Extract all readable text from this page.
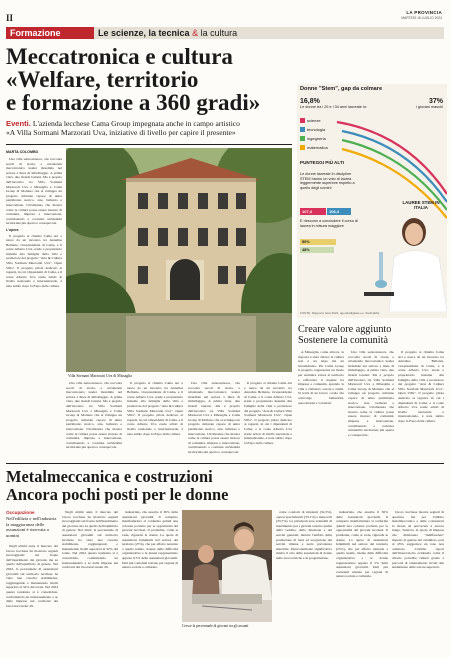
II
LA PROVINCIA
MARTEDÌ 16 LUGLIO 2024
Formazione	Le scienze, la tecnica & la cultura
Meccatronica e cultura
«Welfare, territorio
e formazione a 360 gradi»
Eventi. L'azienda lecchese Cama Group impegnata anche in campo artistico
«A Villa Sormani Marzorati Uva, iniziative di livello per capire il presente»
MARTA COLOMBO

Una villa settecentesca, che racconta secoli di storia, e un'azienda meccatronica leader mondiale nel settore a linee di imballaggio. A prima vista, due mondi lontani. Ma è proprio dall'incontro tra Villa Sormani Marzorati Uva a Missaglia e Cama Group di Molteno che si sviluppa un progetto culturale capace di unire patrimonio storico, arte, bellezza e innovazione. Un'alleanza che mostra come la cultura possa essere motore di comunità, impresa e innovazione, contribuendo a costruire un'identità territoriale più aperta e consapevole.

L'opera

Il progetto si chiama Cama Art e nasce da un incontro tra Annalisa Bellante, vicepresidente di Cama, e il conte Alberto Uva, erede e proprietario insieme alla famiglia della villa e promotore del progetto "Arte & Cultura Villa Sormani Marzorati Uva". Open Villa". Il progetto pilota dedicato ai ragazzi, in cui i dipendenti di Cama, e il conte Alberto Uva erede artisti di livello nazionale e internazionale, è nata subito dopo la Expo della cultura.

Villa Sormani Marzorati Uva di Missaglia

Una villa settecentesca, che racconta secoli di storia, e un'azienda meccatronica leader mondiale nel settore a linee di imballaggio. A prima vista, due mondi lontani. Ma è proprio dall'incontro tra Villa Sormani Marzorati Uva a Missaglia e Cama Group di Molteno che si sviluppa un progetto culturale capace di unire patrimonio storico, arte, bellezza e innovazione. Un'alleanza che mostra come la cultura possa essere motore di comunità, impresa e innovazione, contribuendo a costruire un'identità territoriale più aperta e consapevole.

Il progetto si chiama Cama Art e nasce da un incontro tra Annalisa Bellante, vicepresidente di Cama, e il conte Alberto Uva, erede e proprietario insieme alla famiglia della villa e promotore del progetto "Arte & Cultura Villa Sormani Marzorati Uva". Open Villa". Il progetto pilota dedicato ai ragazzi, in cui i dipendenti di Cama, e il conte Alberto Uva erede artisti di livello nazionale e internazionale, è nata subito dopo la Expo della cultura.

Una villa settecentesca, che racconta secoli di storia, e un'azienda meccatronica leader mondiale nel settore a linee di imballaggio. A prima vista, due mondi lontani. Ma è proprio dall'incontro tra Villa Sormani Marzorati Uva a Missaglia e Cama Group di Molteno che si sviluppa un progetto culturale capace di unire patrimonio storico, arte, bellezza e innovazione. Un'alleanza che mostra come la cultura possa essere motore di comunità, impresa e innovazione, contribuendo a costruire un'identità territoriale più aperta e consapevole.

Il progetto si chiama Cama Art e nasce da un incontro tra Annalisa Bellante, vicepresidente di Cama, e il conte Alberto Uva, erede e proprietario insieme alla famiglia della villa e promotore del progetto "Arte & Cultura Villa Sormani Marzorati Uva". Open Villa". Il progetto pilota dedicato ai ragazzi, in cui i dipendenti di Cama, e il conte Alberto Uva erede artisti di livello nazionale e internazionale, è nata subito dopo la Expo della cultura.

Donne "Stem", gap da colmare
16,8%
Le donne tra i 25 e i 34 anni laureate in:
37%
i giovani maschi
scienze
tecnologia
ingegneria
matematica
PUNTEGGI PIÙ ALTI
Le donne laureate in discipline STEM hanno un voto di laurea leggermente superiore rispetto a quello degli uomini
107,3	106,4
E riescono a concludere il corso di laurea in misura maggiore
50%
48%
LAUREE STEM IN ITALIA
FONTE: Rapporto Istat 2024, agendadigitale.eu, StatCaMot
Creare valore aggiunto
Sostenere la comunità

A Missaglia, come altrove, la risposta è stata chiara: la cultura non è un lusso ma un investimento. Per Cama Group il progetto rappresenta un modo per restituire valore al territorio e rafforzare il legame tra impresa e comunità, aprendo la villa a visitatori, scuole e artisti. Si tratta di un lavoro corale che coinvolge istituzioni, associazioni e volontari.

Una villa settecentesca, che racconta secoli di storia, e un'azienda meccatronica leader mondiale nel settore a linee di imballaggio. A prima vista, due mondi lontani. Ma è proprio dall'incontro tra Villa Sormani Marzorati Uva a Missaglia e Cama Group di Molteno che si sviluppa un progetto culturale capace di unire patrimonio storico, arte, bellezza e innovazione. Un'alleanza che mostra come la cultura possa essere motore di comunità, impresa e innovazione, contribuendo a costruire un'identità territoriale più aperta e consapevole.

Il progetto si chiama Cama Art e nasce da un incontro tra Annalisa Bellante, vicepresidente di Cama, e il conte Alberto Uva, erede e proprietario insieme alla famiglia della villa e promotore del progetto "Arte & Cultura Villa Sormani Marzorati Uva". Open Villa". Il progetto pilota dedicato ai ragazzi, in cui i dipendenti di Cama, e il conte Alberto Uva erede artisti di livello nazionale e internazionale, è nata subito dopo la Expo della cultura.

Metalmeccanica e costruzioni
Ancora pochi posti per le donne
Occupazione
Nell'edilizia e nell'industria la maggioranza delle assunzioni è riservata a uomini

Negli ultimi anni, il mercato del lavoro lecchese ha mostrato segnali incoraggianti sul fronte dell'inserimento dei giovani, ma su quello dell'equilibrio di genere. Nel 2022, la percentuale di assunzioni giovanili sul territorio lecchese ha visto una crescita stabilmente, raggiungendo e mantenendo livelli superiori al 32% del totale. Nel 2024 questa tendenza si è consolidata, confermando un interessamento e se dalle imprese nei confronti dei lavoratori under 29.

Negli ultimi anni, il mercato del lavoro lecchese ha mostrato segnali incoraggianti sul fronte dell'inserimento dei giovani, ma su quello dell'equilibrio di genere. Nel 2022, la percentuale di assunzioni giovanili sul territorio lecchese ha visto una crescita stabilmente, raggiungendo e mantenendo livelli superiori al 32% del totale. Nel 2024 questa tendenza si è consolidata, confermando un interessamento e se dalle imprese nei confronti dei lavoratori under 29.

industriale, che assorbe il 36% delle assunzioni giovanili. Il comparto manifatturiero si conferma quindi una colonna portante per le opportunità dei giovani lecchesi. Il problema, come si vede, riguarda le donne. La quota di assunzioni femminili nel settore del terziario (25%), che per effetto naturale a quello tessile, risente delle difficoltà organizzative e le donne rappresentano appena il 5% delle assunzioni giovanili. Dati più contenuti restano per ragioni di natura sociale e culturale.

Cresce la percentuale di giovani tra gli assunti

come condotti di impianti (32,3%), operai specializzati (33,1%) e manovali (33,7%). Le principali aree aziendali di inserimento per i giovani restano quelle della vendita, della direzione e dei servizi generali, mentre l'ambito della produzione di beni ed erogazione dei servizi rimane a netta prevalenza maschile. Particolarmente significativo risulta il calo delle assunzioni di donne nelle aree tecniche e di progettazione.

industriale, che assorbe il 36% delle assunzioni giovanili. Il comparto manifatturiero si conferma quindi una colonna portante per le opportunità dei giovani lecchesi. Il problema, come si vede, riguarda le donne. La quota di assunzioni femminili nel settore del terziario (25%), che per effetto naturale a quello tessile, risente delle difficoltà organizzative e le donne rappresentano appena il 5% delle assunzioni giovanili. Dati più contenuti restano per ragioni di natura sociale e culturale.

lavoro lecchese mostra segnali di apertura, ma per l'ambito metalmeccanico e delle costruzioni la strada da percorrere è ancora lunga. Tuttavia, la quota di imprese che dichiarano "indifferenza" rispetto al genere del candidato, pari al 43%, suggerisce un tono non orientato. L'ultimo report dell'Osservatorio evidenzia come il divario potrebbe ridursi grazie a percorsi di orientamento rivolti alle studentesse delle scuole superiori.
